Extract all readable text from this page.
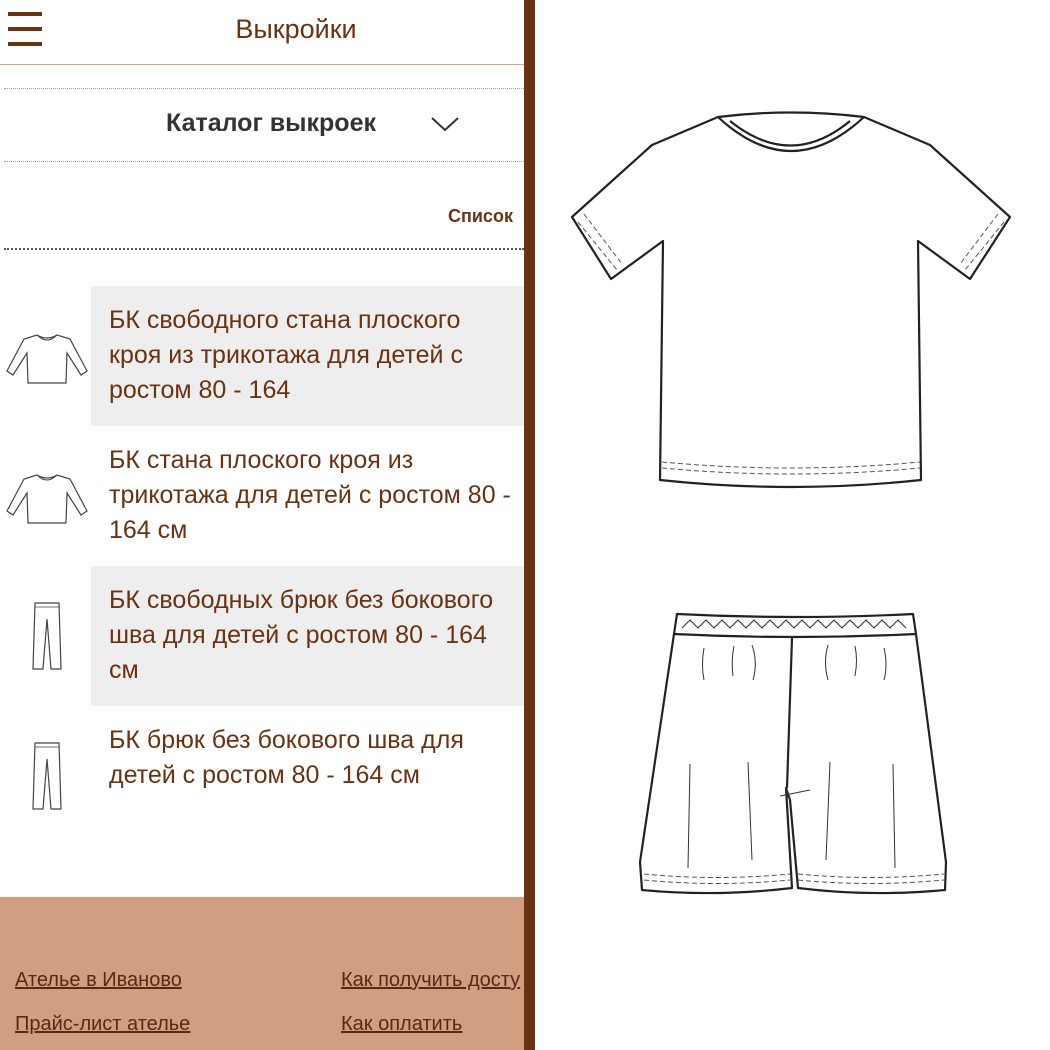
Выкройки
Каталог выкроек
Список
БК свободного стана плоского кроя из трикотажа для детей с ростом 80 - 164
БК стана плоского кроя из трикотажа для детей с ростом 80 - 164 см
БК свободных брюк без бокового шва для детей с ростом 80 - 164 см
БК брюк без бокового шва для детей с ростом 80 - 164 см
Ателье в Иваново	Как получить досту
Прайс-лист ателье	Как оплатить
